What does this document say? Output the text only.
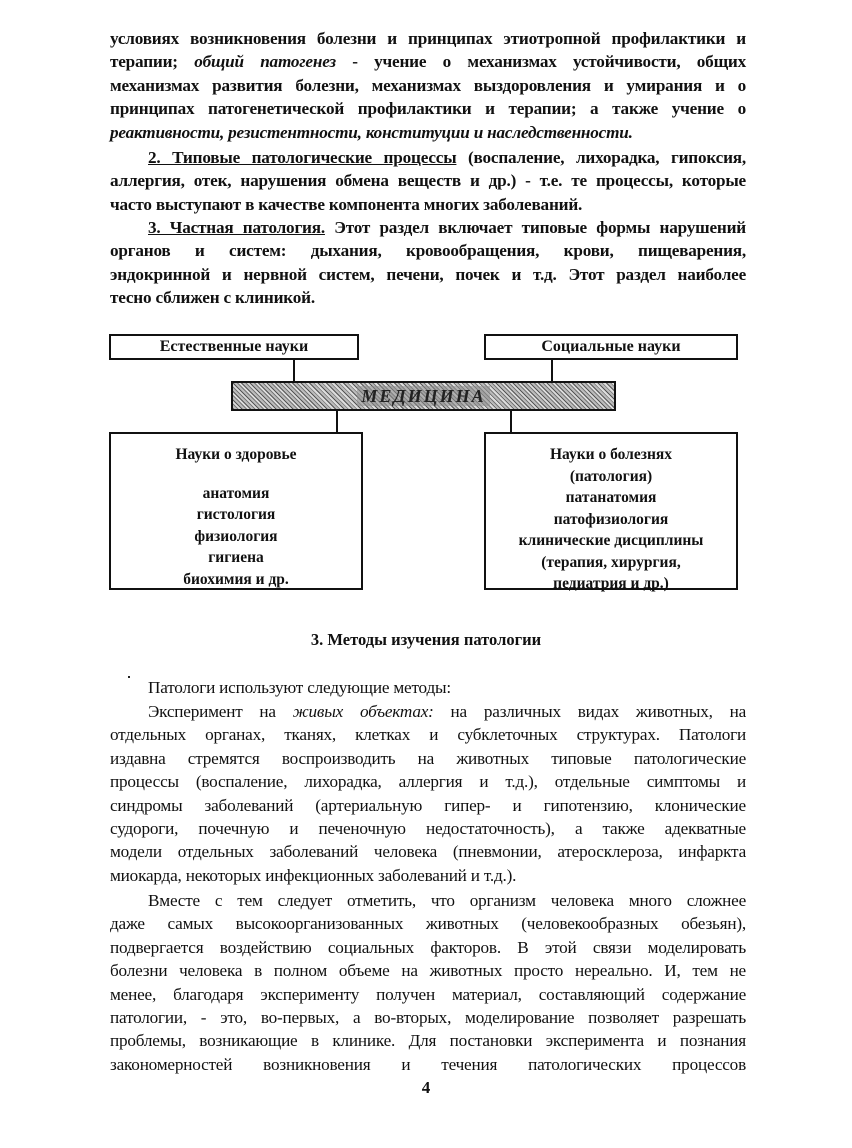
условиях возникновения болезни и принципах этиотропной профилактики и
терапии; общий патогенез - учение о механизмах устойчивости, общих
механизмах развития болезни, механизмах выздоровления и умирания и о
принципах патогенетической профилактики и терапии; а также учение о
реактивности, резистентности, конституции и наследственности.
2. Типовые патологические процессы (воспаление, лихорадка, гипоксия,
аллергия, отек, нарушения обмена веществ и др.) - т.е. те процессы, которые
часто выступают в качестве компонента многих заболеваний.
3. Частная патология. Этот раздел включает типовые формы нарушений
органов и систем: дыхания, кровообращения, крови, пищеварения,
эндокринной и нервной систем, печени, почек и т.д. Этот раздел наиболее
тесно сближен с клиникой.
Естественные науки	Социальные науки
МЕДИЦИНА
Науки о здоровье
анатомия
гистология
физиология
гигиена
биохимия и др.
Науки о болезнях
(патология)
патанатомия
патофизиология
клинические дисциплины
(терапия, хирургия,
педиатрия и др.)
3. Методы изучения патологии
Патологи используют следующие методы:
Эксперимент на живых объектах: на различных видах животных, на
отдельных органах, тканях, клетках и субклеточных структурах. Патологи
издавна стремятся воспроизводить на животных типовые патологические
процессы (воспаление, лихорадка, аллергия и т.д.), отдельные симптомы и
синдромы заболеваний (артериальную гипер- и гипотензию, клонические
судороги, почечную и печеночную недостаточность), а также адекватные
модели отдельных заболеваний человека (пневмонии, атеросклероза, инфаркта
миокарда, некоторых инфекционных заболеваний и т.д.).
Вместе с тем следует отметить, что организм человека много сложнее
даже самых высокоорганизованных животных (человекообразных обезьян),
подвергается воздействию социальных факторов. В этой связи моделировать
болезни человека в полном объеме на животных просто нереально. И, тем не
менее, благодаря эксперименту получен материал, составляющий содержание
патологии, - это, во-первых, а во-вторых, моделирование позволяет разрешать
проблемы, возникающие в клинике. Для постановки эксперимента и познания
закономерностей возникновения и течения патологических процессов
4
